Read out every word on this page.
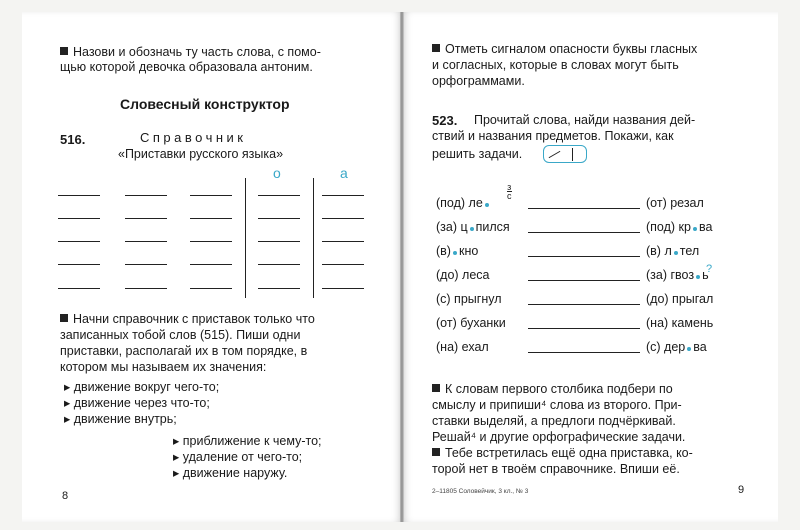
Назови и обозначь ту часть слова, с помо-
щью которой девочка образовала антоним.
Словесный конструктор
516.	Справочник
«Приставки русского языка»
о	а
Начни справочник с приставок только что
записанных тобой слов (515). Пиши одни
приставки, располагай их в том порядке, в
котором мы называем их значения:
▸ движение вокруг чего-то;
▸ движение через что-то;
▸ движение внутрь;
▸ приближение к чему-то;
▸ удаление от чего-то;
▸ движение наружу.
8
Отметь сигналом опасности буквы гласных
и согласных, которые в словах могут быть
орфограммами.
523. Прочитай слова, найди названия дей-
ствий и названия предметов. Покажи, как
решить задачи.
(под) ле	(от) резал
(за) ц пился	(под) кр ва
(в) кно	(в) л тел
(до) леса	(за) гвоз ь
(с) прыгнул	(до) прыгал
(от) буханки	(на) камень
(на) ехал	(с) дер ва
з

с
?
К словам первого столбика подбери по
смыслу и припиши⁴ слова из второго. При-
ставки выделяй, а предлоги подчёркивай.
Решай⁴ и другие орфографические задачи.
Тебе встретилась ещё одна приставка, ко-
торой нет в твоём справочнике. Впиши её.
2–11805 Соловейчик, 3 кл., № 3	9
